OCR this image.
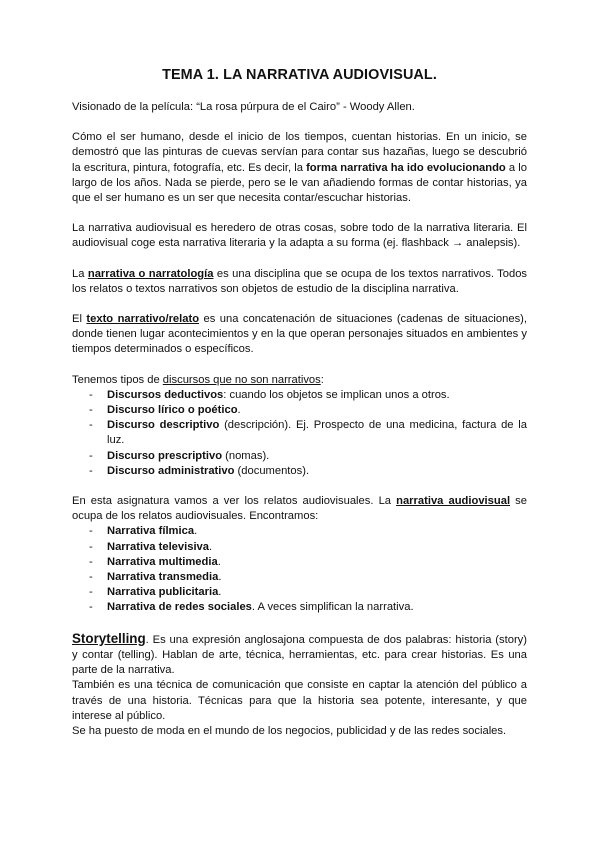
TEMA 1. LA NARRATIVA AUDIOVISUAL.

Visionado de la película: “La rosa púrpura de el Cairo” - Woody Allen.

Cómo el ser humano, desde el inicio de los tiempos, cuentan historias. En un inicio, se demostró que las pinturas de cuevas servían para contar sus hazañas, luego se descubrió la escritura, pintura, fotografía, etc. Es decir, la forma narrativa ha ido evolucionando a lo largo de los años. Nada se pierde, pero se le van añadiendo formas de contar historias, ya que el ser humano es un ser que necesita contar/escuchar historias.

La narrativa audiovisual es heredero de otras cosas, sobre todo de la narrativa literaria. El audiovisual coge esta narrativa literaria y la adapta a su forma (ej. flashback → analepsis).

La narrativa o narratología es una disciplina que se ocupa de los textos narrativos. Todos los relatos o textos narrativos son objetos de estudio de la disciplina narrativa.

El texto narrativo/relato es una concatenación de situaciones (cadenas de situaciones), donde tienen lugar acontecimientos y en la que operan personajes situados en ambientes y tiempos determinados o específicos.

Tenemos tipos de discursos que no son narrativos:

- Discursos deductivos: cuando los objetos se implican unos a otros.
- Discurso lírico o poético.
- Discurso descriptivo (descripción). Ej. Prospecto de una medicina, factura de la luz.
- Discurso prescriptivo (nomas).
- Discurso administrativo (documentos).

En esta asignatura vamos a ver los relatos audiovisuales. La narrativa audiovisual se ocupa de los relatos audiovisuales. Encontramos:

- Narrativa fílmica.
- Narrativa televisiva.
- Narrativa multimedia.
- Narrativa transmedia.
- Narrativa publicitaria.
- Narrativa de redes sociales. A veces simplifican la narrativa.

Storytelling. Es una expresión anglosajona compuesta de dos palabras: historia (story) y contar (telling). Hablan de arte, técnica, herramientas, etc. para crear historias. Es una parte de la narrativa.

También es una técnica de comunicación que consiste en captar la atención del público a través de una historia. Técnicas para que la historia sea potente, interesante, y que interese al público.

Se ha puesto de moda en el mundo de los negocios, publicidad y de las redes sociales.
